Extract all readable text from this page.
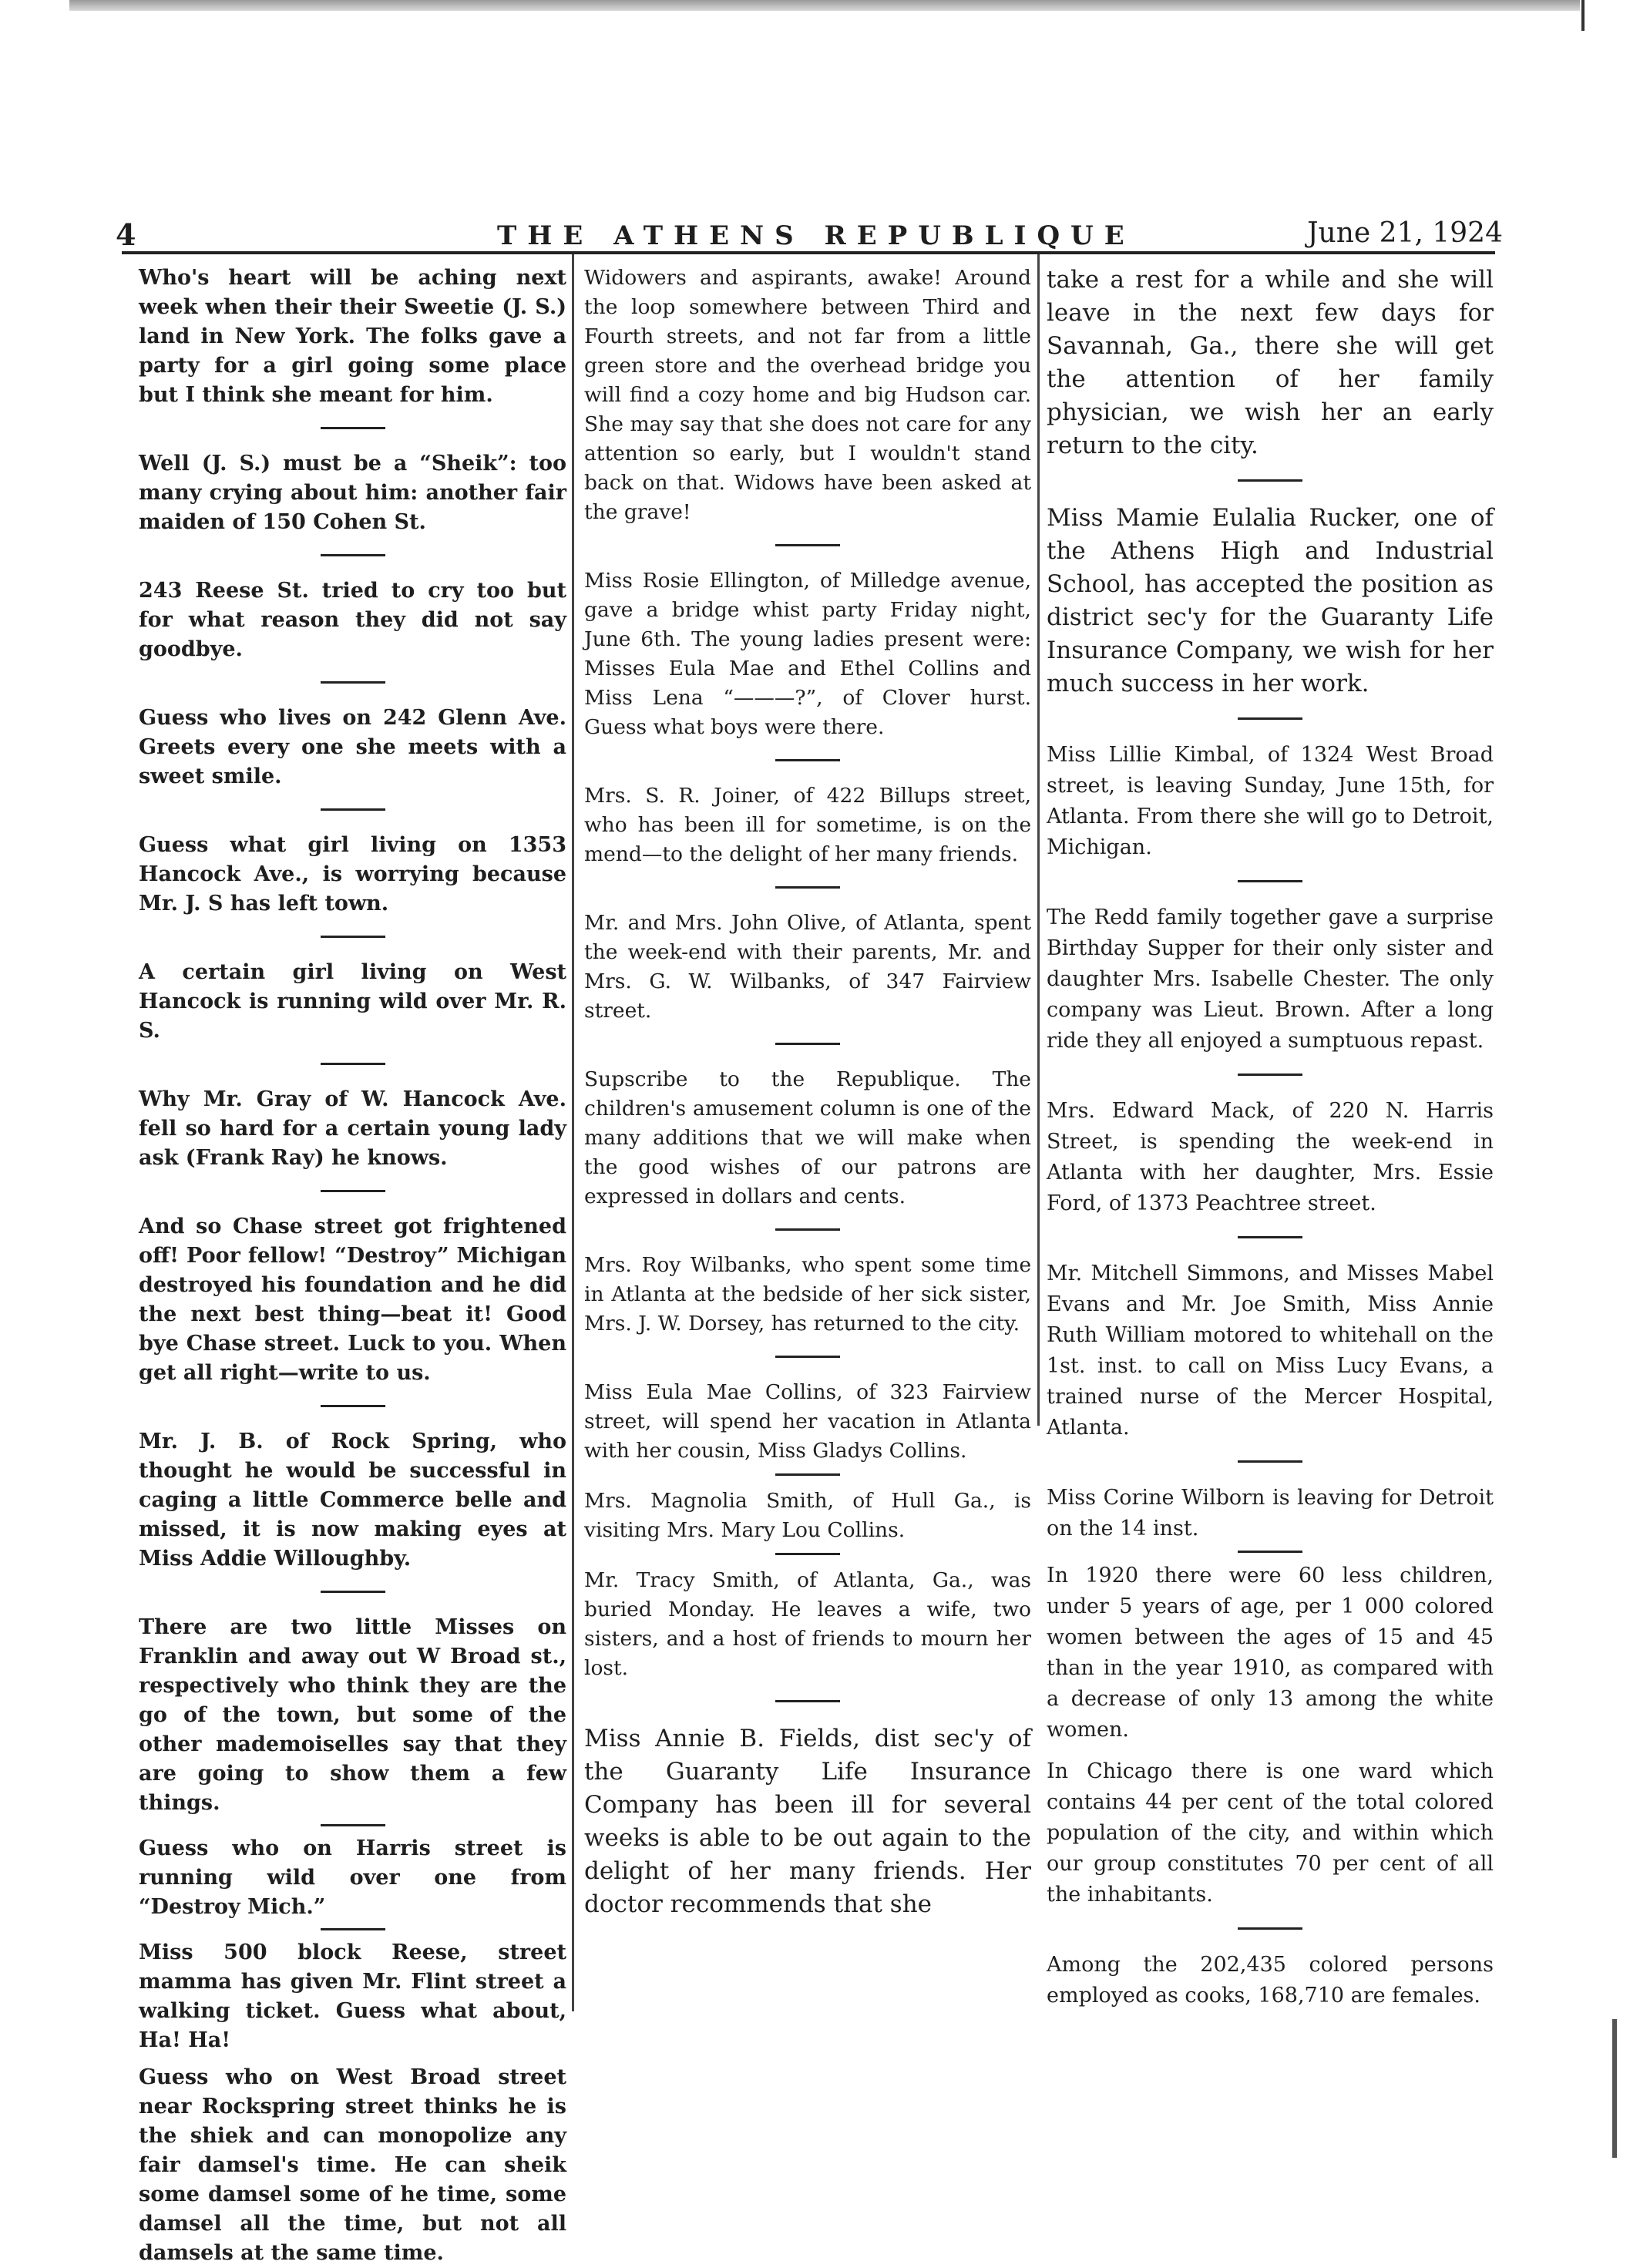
4	THE ATHENS REPUBLIQUE	June 21, 1924

Who's heart will be aching next week when their their Sweetie (J. S.) land in New York. The folks gave a party for a girl going some place but I think she meant for him.

Well (J. S.) must be a “Sheik”: too many crying about him: another fair maiden of 150 Cohen St.

243 Reese St. tried to cry too but for what reason they did not say goodbye.

Guess who lives on 242 Glenn Ave. Greets every one she meets with a sweet smile.

Guess what girl living on 1353 Hancock Ave., is worrying because Mr. J. S has left town.

A certain girl living on West Hancock is running wild over Mr. R. S.

Why Mr. Gray of W. Hancock Ave. fell so hard for a certain young lady ask (Frank Ray) he knows.

And so Chase street got frightened off! Poor fellow! “Destroy” Michigan destroyed his foundation and he did the next best thing—beat it! Good bye Chase street. Luck to you. When get all right—write to us.

Mr. J. B. of Rock Spring, who thought he would be successful in caging a little Commerce belle and missed, it is now making eyes at Miss Addie Willoughby.

There are two little Misses on Franklin and away out W Broad st., respectively who think they are the go of the town, but some of the other mademoiselles say that they are going to show them a few things.

Guess who on Harris street is running wild over one from “Destroy Mich.”

Miss 500 block Reese, street mamma has given Mr. Flint street a walking ticket. Guess what about, Ha! Ha!

Guess who on West Broad street near Rockspring street thinks he is the shiek and can monopolize any fair damsel's time. He can sheik some damsel some of he time, some damsel all the time, but not all damsels at the same time.

Widowers and aspirants, awake! Around the loop somewhere between Third and Fourth streets, and not far from a little green store and the overhead bridge you will find a cozy home and big Hudson car. She may say that she does not care for any attention so early, but I wouldn't stand back on that. Widows have been asked at the grave!

Miss Rosie Ellington, of Milledge avenue, gave a bridge whist party Friday night, June 6th. The young ladies present were: Misses Eula Mae and Ethel Collins and Miss Lena “———?”, of Clover hurst. Guess what boys were there.

Mrs. S. R. Joiner, of 422 Billups street, who has been ill for sometime, is on the mend—to the delight of her many friends.

Mr. and Mrs. John Olive, of Atlanta, spent the week-end with their parents, Mr. and Mrs. G. W. Wilbanks, of 347 Fairview street.

Supscribe to the Republique. The children's amusement column is one of the many additions that we will make when the good wishes of our patrons are expressed in dollars and cents.

Mrs. Roy Wilbanks, who spent some time in Atlanta at the bedside of her sick sister, Mrs. J. W. Dorsey, has returned to the city.

Miss Eula Mae Collins, of 323 Fairview street, will spend her vacation in Atlanta with her cousin, Miss Gladys Collins.

Mrs. Magnolia Smith, of Hull Ga., is visiting Mrs. Mary Lou Collins.

Mr. Tracy Smith, of Atlanta, Ga., was buried Monday. He leaves a wife, two sisters, and a host of friends to mourn her lost.

Miss Annie B. Fields, dist sec'y of the Guaranty Life Insurance Company has been ill for several weeks is able to be out again to the delight of her many friends. Her doctor recommends that she

take a rest for a while and she will leave in the next few days for Savannah, Ga., there she will get the attention of her family physician, we wish her an early return to the city.

Miss Mamie Eulalia Rucker, one of the Athens High and Industrial School, has accepted the position as district sec'y for the Guaranty Life Insurance Company, we wish for her much success in her work.

Miss Lillie Kimbal, of 1324 West Broad street, is leaving Sunday, June 15th, for Atlanta. From there she will go to Detroit, Michigan.

The Redd family together gave a surprise Birthday Supper for their only sister and daughter Mrs. Isabelle Chester. The only company was Lieut. Brown. After a long ride they all enjoyed a sumptuous repast.

Mrs. Edward Mack, of 220 N. Harris Street, is spending the week-end in Atlanta with her daughter, Mrs. Essie Ford, of 1373 Peachtree street.

Mr. Mitchell Simmons, and Misses Mabel Evans and Mr. Joe Smith, Miss Annie Ruth William motored to whitehall on the 1st. inst. to call on Miss Lucy Evans, a trained nurse of the Mercer Hospital, Atlanta.

Miss Corine Wilborn is leaving for Detroit on the 14 inst.

In 1920 there were 60 less children, under 5 years of age, per 1 000 colored women between the ages of 15 and 45 than in the year 1910, as compared with a decrease of only 13 among the white women.

In Chicago there is one ward which contains 44 per cent of the total colored population of the city, and within which our group constitutes 70 per cent of all the inhabitants.

Among the 202,435 colored persons employed as cooks, 168,710 are females.
